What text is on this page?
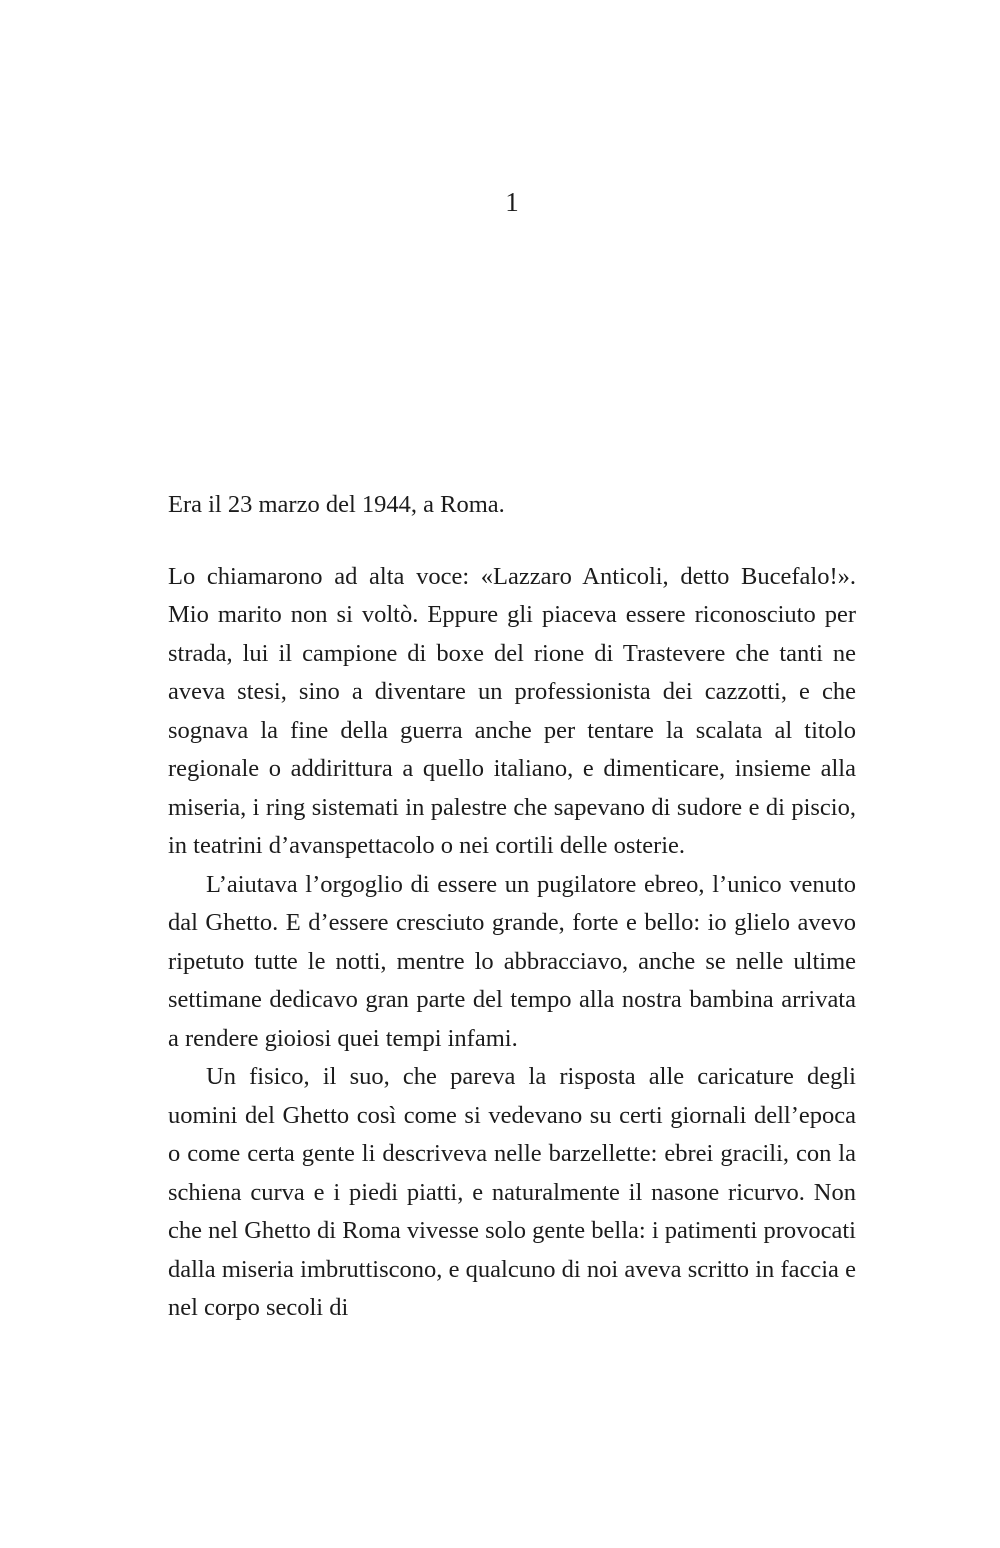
1

Era il 23 marzo del 1944, a Roma.

Lo chiamarono ad alta voce: «Lazzaro Anticoli, detto Bucefalo!». Mio marito non si voltò. Eppure gli piaceva essere riconosciuto per strada, lui il campione di boxe del rione di Trastevere che tanti ne aveva stesi, sino a diventare un professionista dei cazzotti, e che sognava la fine della guerra anche per tentare la scalata al titolo regionale o addirittura a quello italiano, e dimenticare, insieme alla miseria, i ring sistemati in palestre che sapevano di sudore e di piscio, in teatrini d’avanspettacolo o nei cortili delle osterie.

L’aiutava l’orgoglio di essere un pugilatore ebreo, l’unico venuto dal Ghetto. E d’essere cresciuto grande, forte e bello: io glielo avevo ripetuto tutte le notti, mentre lo abbracciavo, anche se nelle ultime settimane dedicavo gran parte del tempo alla nostra bambina arrivata a rendere gioiosi quei tempi infami.

Un fisico, il suo, che pareva la risposta alle caricature degli uomini del Ghetto così come si vedevano su certi giornali dell’epoca o come certa gente li descriveva nelle barzellette: ebrei gracili, con la schiena curva e i piedi piatti, e naturalmente il nasone ricurvo. Non che nel Ghetto di Roma vivesse solo gente bella: i patimenti provocati dalla miseria imbruttiscono, e qualcuno di noi aveva scritto in faccia e nel corpo secoli di
